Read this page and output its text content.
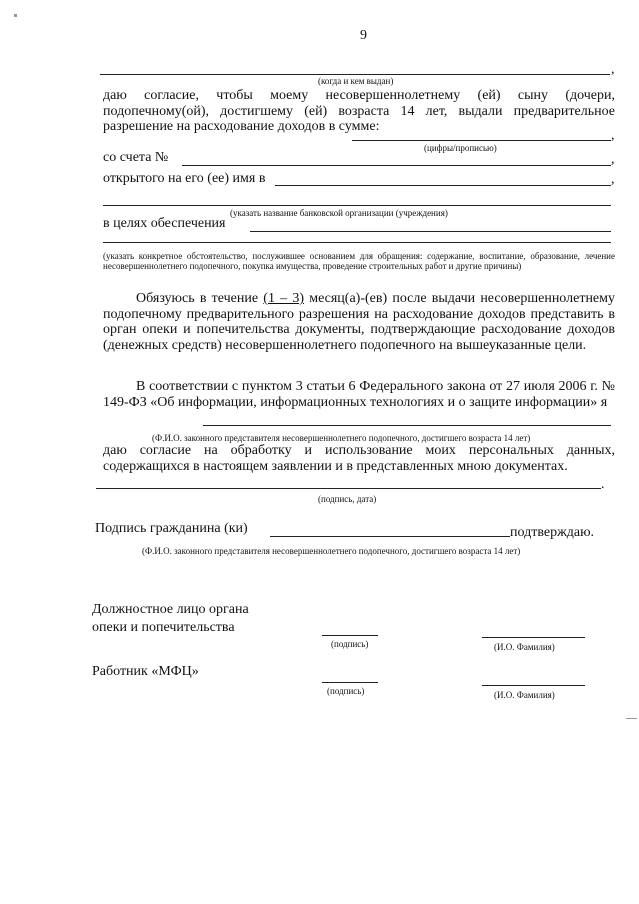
9
,
(когда и кем выдан)
даю согласие, чтобы моему несовершеннолетнему (ей) сыну (дочери, подопечному(ой), достигшему (ей) возраста 14 лет, выдали предварительное разрешение на расходование доходов в сумме:
,
(цифры/прописью)
со счета №	,
открытого на его (ее) имя в	,
(указать название банковской организации (учреждения)
в целях обеспечения
(указать конкретное обстоятельство, послужившее основанием для обращения: содержание, воспитание, образование, лечение несовершеннолетнего подопечного, покупка имущества, проведение строительных работ и другие причины)
Обязуюсь в течение (1 – 3) месяц(а)-(ев) после выдачи несовершеннолетнему подопечному предварительного разрешения на расходование доходов представить в орган опеки и попечительства документы, подтверждающие расходование доходов (денежных средств) несовершеннолетнего подопечного на вышеуказанные цели.
В соответствии с пунктом 3 статьи 6 Федерального закона от 27 июля 2006 г. № 149-ФЗ «Об информации, информационных технологиях и о защите информации» я
(Ф.И.О. законного представителя несовершеннолетнего подопечного, достигшего возраста 14 лет)
даю согласие на обработку и использование моих персональных данных, содержащихся в настоящем заявлении и в представленных мною документах.
.
(подпись, дата)
Подпись гражданина (ки)	подтверждаю.
(Ф.И.О. законного представителя несовершеннолетнего подопечного, достигшего возраста 14 лет)
Должностное лицо органа
опеки и попечительства
(подпись)	(И.О. Фамилия)
Работник «МФЦ»
(подпись)	(И.О. Фамилия)
